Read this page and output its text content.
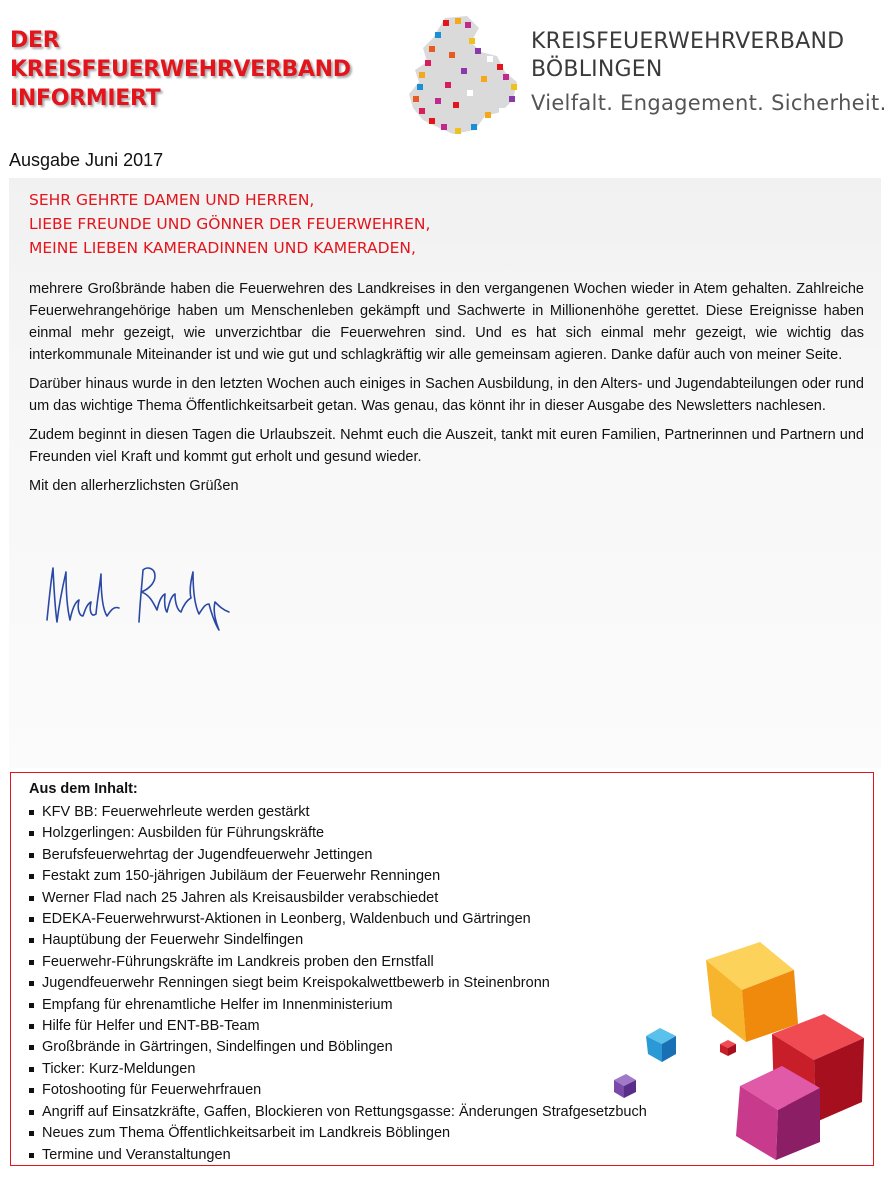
DER
KREISFEUERWEHRVERBAND
INFORMIERT
KREISFEUERWEHRVERBAND
BÖBLINGEN
Vielfalt. Engagement. Sicherheit.
Ausgabe Juni 2017
SEHR GEHRTE DAMEN UND HERREN,
LIEBE FREUNDE UND GÖNNER DER FEUERWEHREN,
MEINE LIEBEN KAMERADINNEN UND KAMERADEN,

mehrere Großbrände haben die Feuerwehren des Landkreises in den vergangenen Wochen wieder in Atem gehalten. Zahlreiche Feuerwehrangehörige haben um Menschenleben gekämpft und Sachwerte in Millionenhöhe gerettet. Diese Ereignisse haben einmal mehr gezeigt, wie unverzichtbar die Feuerwehren sind. Und es hat sich einmal mehr gezeigt, wie wichtig das interkommunale Miteinander ist und wie gut und schlagkräftig wir alle gemeinsam agieren. Danke dafür auch von meiner Seite.

Darüber hinaus wurde in den letzten Wochen auch einiges in Sachen Ausbildung, in den Alters- und Jugendabteilungen oder rund um das wichtige Thema Öffentlichkeitsarbeit getan. Was genau, das könnt ihr in dieser Ausgabe des Newsletters nachlesen.

Zudem beginnt in diesen Tagen die Urlaubszeit. Nehmt euch die Auszeit, tankt mit euren Familien, Partnerinnen und Partnern und Freunden viel Kraft und kommt gut erholt und gesund wieder.

Mit den allerherzlichsten Grüßen

Aus dem Inhalt:
KFV BB: Feuerwehrleute werden gestärkt
Holzgerlingen: Ausbilden für Führungskräfte
Berufsfeuerwehrtag der Jugendfeuerwehr Jettingen
Festakt zum 150-jährigen Jubiläum der Feuerwehr Renningen
Werner Flad nach 25 Jahren als Kreisausbilder verabschiedet
EDEKA-Feuerwehrwurst-Aktionen in Leonberg, Waldenbuch und Gärtringen
Hauptübung der Feuerwehr Sindelfingen
Feuerwehr-Führungskräfte im Landkreis proben den Ernstfall
Jugendfeuerwehr Renningen siegt beim Kreispokalwettbewerb in Steinenbronn
Empfang für ehrenamtliche Helfer im Innenministerium
Hilfe für Helfer und ENT-BB-Team
Großbrände in Gärtringen, Sindelfingen und Böblingen
Ticker: Kurz-Meldungen
Fotoshooting für Feuerwehrfrauen
Angriff auf Einsatzkräfte, Gaffen, Blockieren von Rettungsgasse: Änderungen Strafgesetzbuch
Neues zum Thema Öffentlichkeitsarbeit im Landkreis Böblingen
Termine und Veranstaltungen
